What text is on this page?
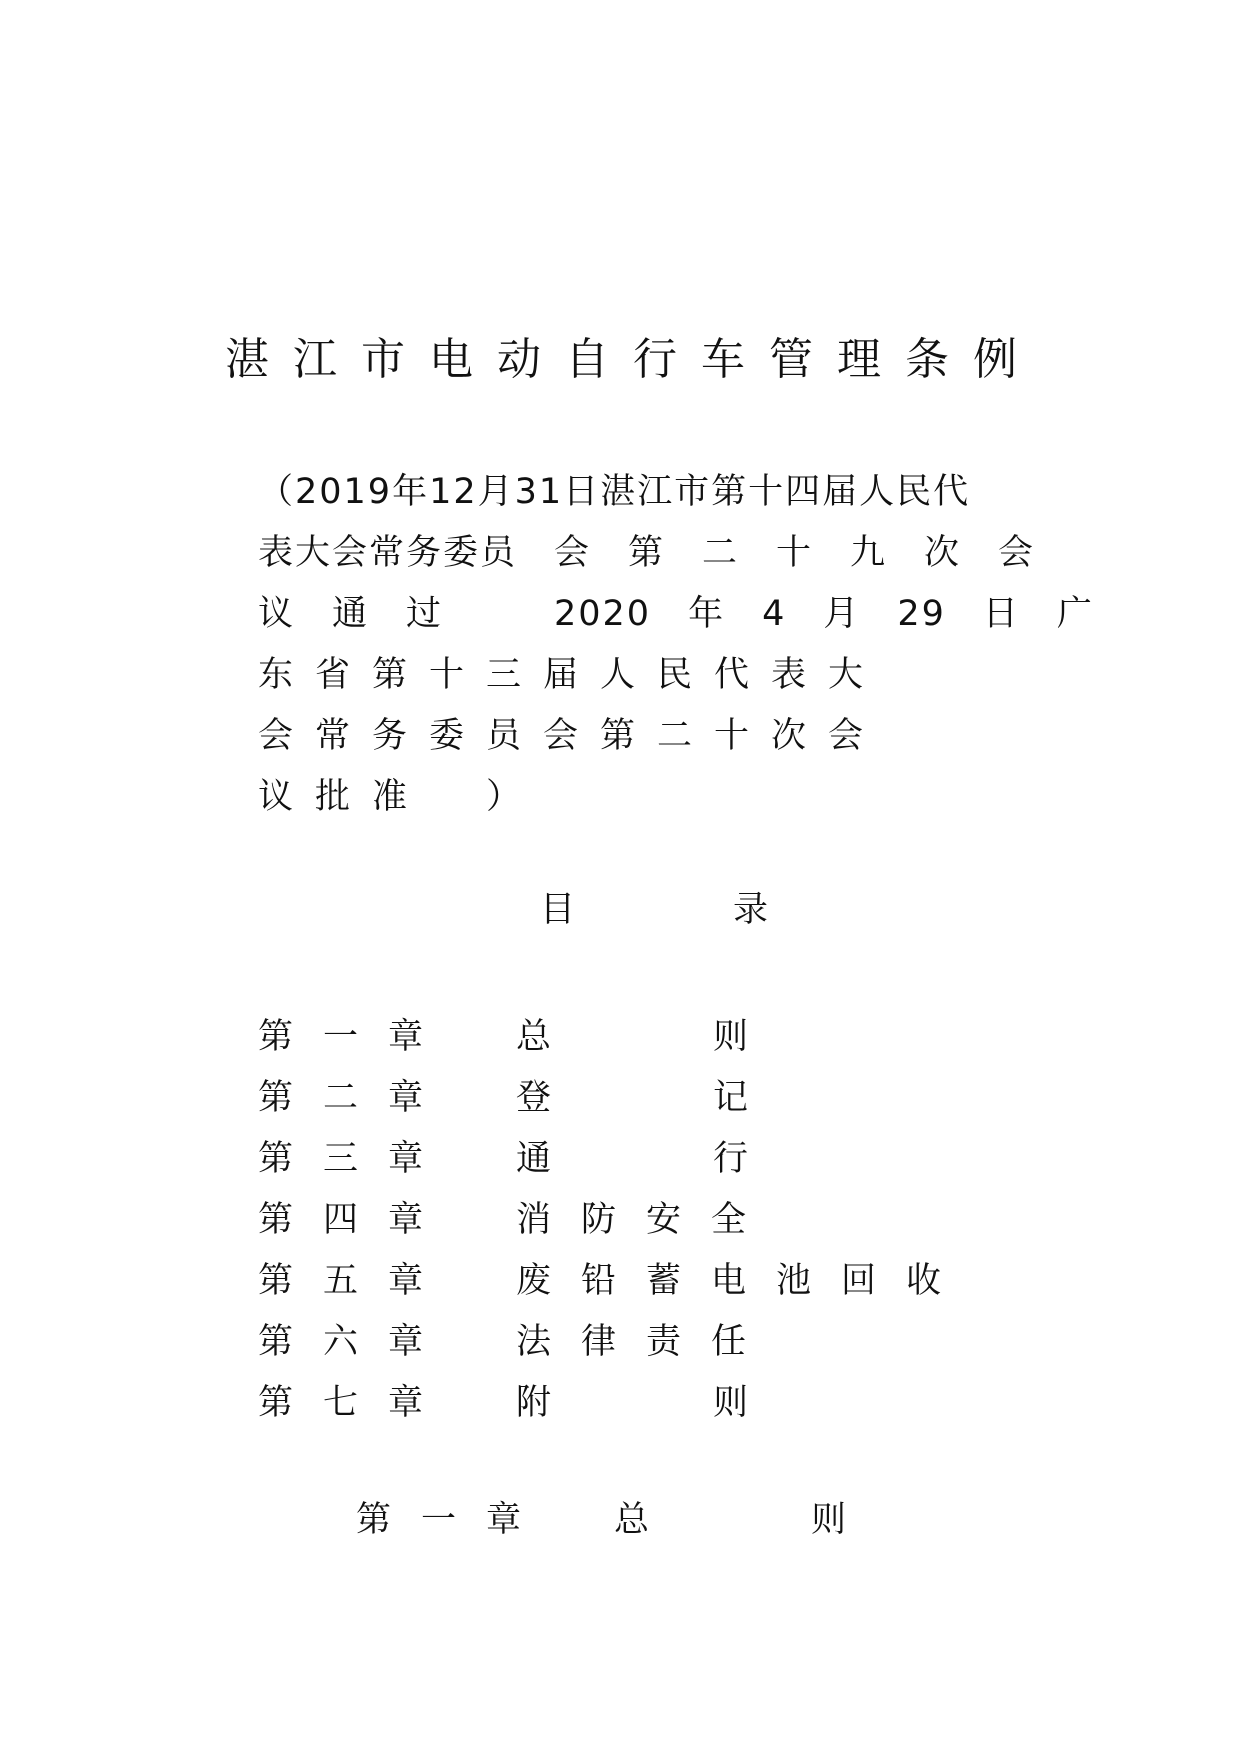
湛江市电动自行车管理条例
（2019年12月31日湛江市第十四届人民代
表大会常务委员　会　第　二　十　九　次　会
议　通　过　　　2020　年　4　月　29　日　广
东省第十三届人民代表大
会常务委员会第二十次会
议批准　）
目	录
第一章 总则
第二章 登记
第三章 通行
第四章 消防安全
第五章 废铅蓄电池回收
第六章 法律责任
第七章 附则
第一章 总则
